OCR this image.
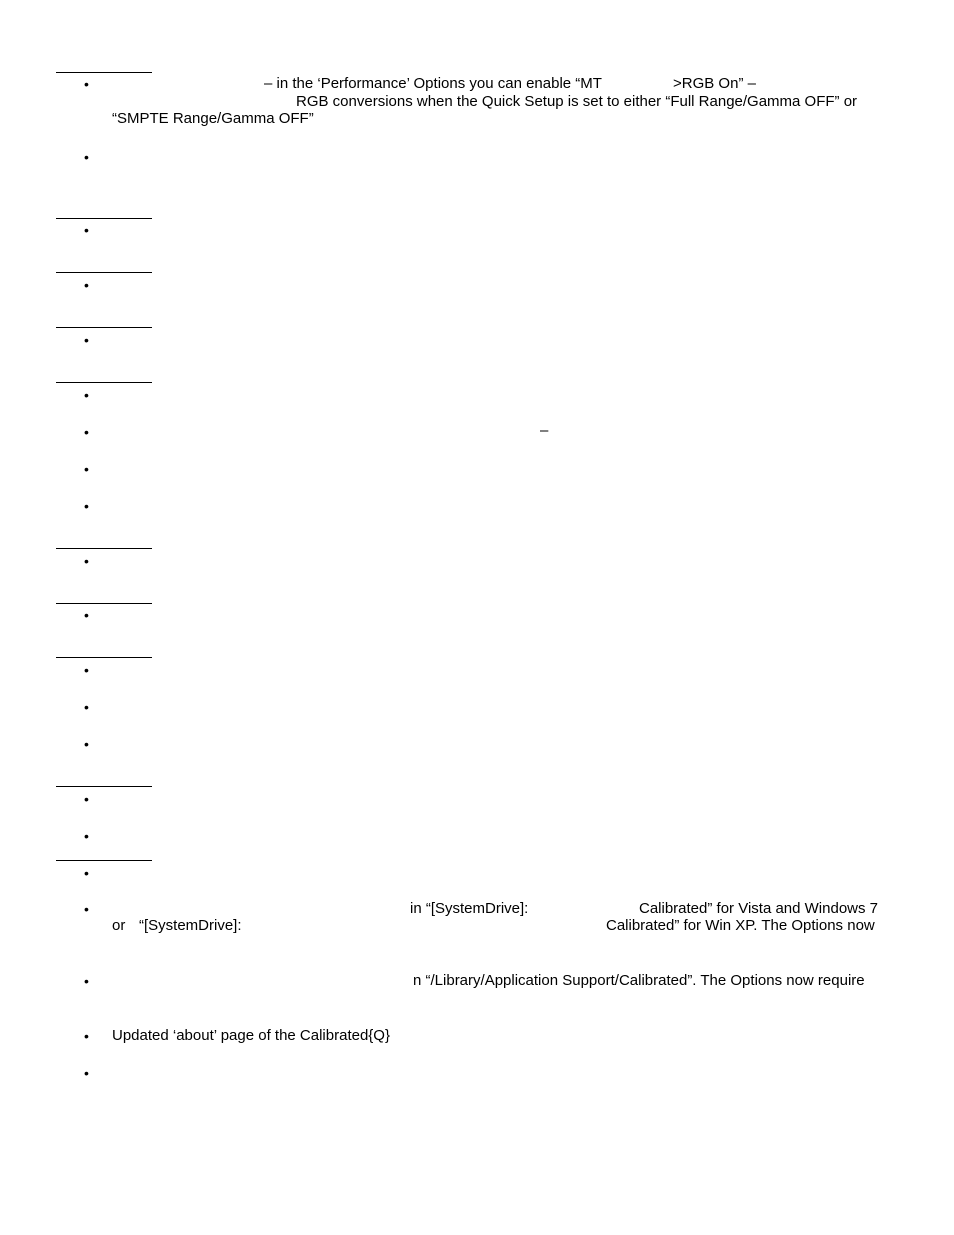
•
•
•
•
•
•
•
•
•
•
•
•
•
•
•
•
•
•
•
•
•
– in the ‘Performance’ Options you can enable “MT	>RGB On” –
RGB conversions when the Quick Setup is set to either “Full Range/Gamma OFF” or
“SMPTE Range/Gamma OFF”
–
in “[SystemDrive]:	Calibrated” for Vista and Windows 7
or “[SystemDrive]:	Calibrated” for Win XP. The Options now
n “/Library/Application Support/Calibrated”. The Options now require
Updated ‘about’ page of the Calibrated{Q}
